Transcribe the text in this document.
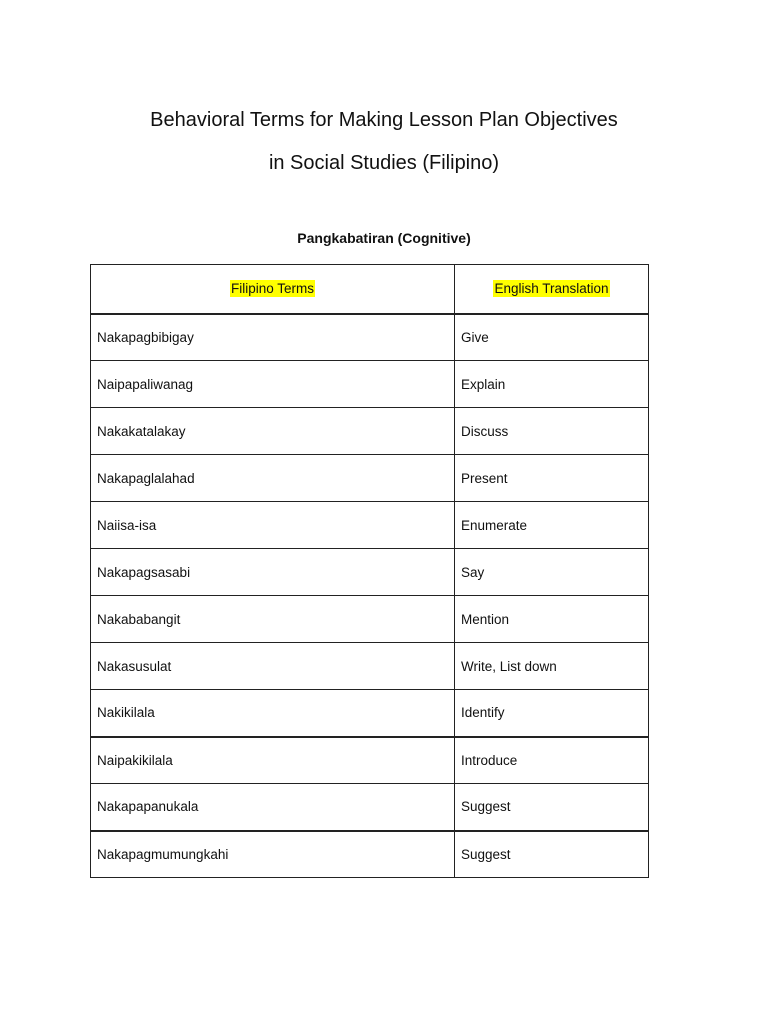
Behavioral Terms for Making Lesson Plan Objectives
in Social Studies (Filipino)
Pangkabatiran (Cognitive)
Filipino Terms	English Translation
Nakapagbibigay	Give
Naipapaliwanag	Explain
Nakakatalakay	Discuss
Nakapaglalahad	Present
Naiisa-isa	Enumerate
Nakapagsasabi	Say
Nakababangit	Mention
Nakasusulat	Write, List down
Nakikilala	Identify
Naipakikilala	Introduce
Nakapapanukala	Suggest
Nakapagmumungkahi	Suggest
